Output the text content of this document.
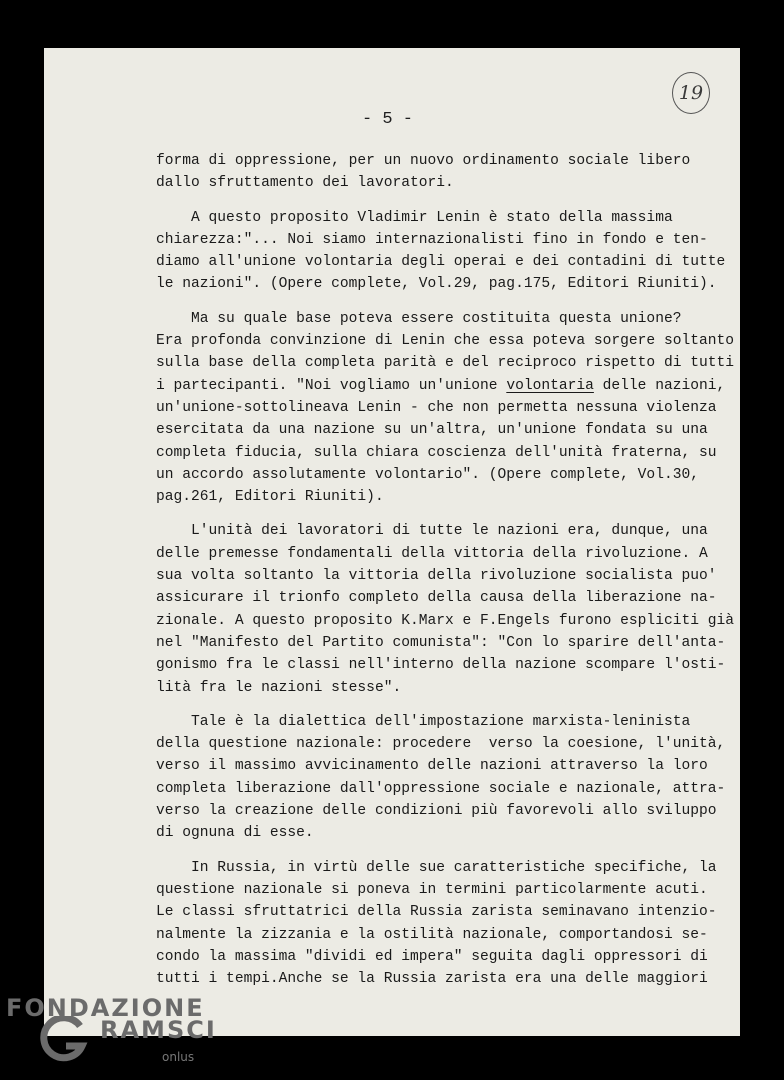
- 5 -
19
forma di oppressione, per un nuovo ordinamento sociale libero
dallo sfruttamento dei lavoratori.
A questo proposito Vladimir Lenin è stato della massima
chiarezza:"... Noi siamo internazionalisti fino in fondo e ten-
diamo all'unione volontaria degli operai e dei contadini di tutte
le nazioni". (Opere complete, Vol.29, pag.175, Editori Riuniti).
Ma su quale base poteva essere costituita questa unione?
Era profonda convinzione di Lenin che essa poteva sorgere soltanto
sulla base della completa parità e del reciproco rispetto di tutti
i partecipanti. "Noi vogliamo un'unione volontaria delle nazioni,
un'unione-sottolineava Lenin - che non permetta nessuna violenza
esercitata da una nazione su un'altra, un'unione fondata su una
completa fiducia, sulla chiara coscienza dell'unità fraterna, su
un accordo assolutamente volontario". (Opere complete, Vol.30,
pag.261, Editori Riuniti).
L'unità dei lavoratori di tutte le nazioni era, dunque, una
delle premesse fondamentali della vittoria della rivoluzione. A
sua volta soltanto la vittoria della rivoluzione socialista puo'
assicurare il trionfo completo della causa della liberazione na-
zionale. A questo proposito K.Marx e F.Engels furono espliciti già
nel "Manifesto del Partito comunista": "Con lo sparire dell'anta-
gonismo fra le classi nell'interno della nazione scompare l'osti-
lità fra le nazioni stesse".
Tale è la dialettica dell'impostazione marxista-leninista
della questione nazionale: procedere  verso la coesione, l'unità,
verso il massimo avvicinamento delle nazioni attraverso la loro
completa liberazione dall'oppressione sociale e nazionale, attra-
verso la creazione delle condizioni più favorevoli allo sviluppo
di ognuna di esse.
In Russia, in virtù delle sue caratteristiche specifiche, la
questione nazionale si poneva in termini particolarmente acuti.
Le classi sfruttatrici della Russia zarista seminavano intenzio-
nalmente la zizzania e la ostilità nazionale, comportandosi se-
condo la massima "dividi ed impera" seguita dagli oppressori di
tutti i tempi.Anche se la Russia zarista era una delle maggiori
FONDAZIONE
RAMSCI
onlus
